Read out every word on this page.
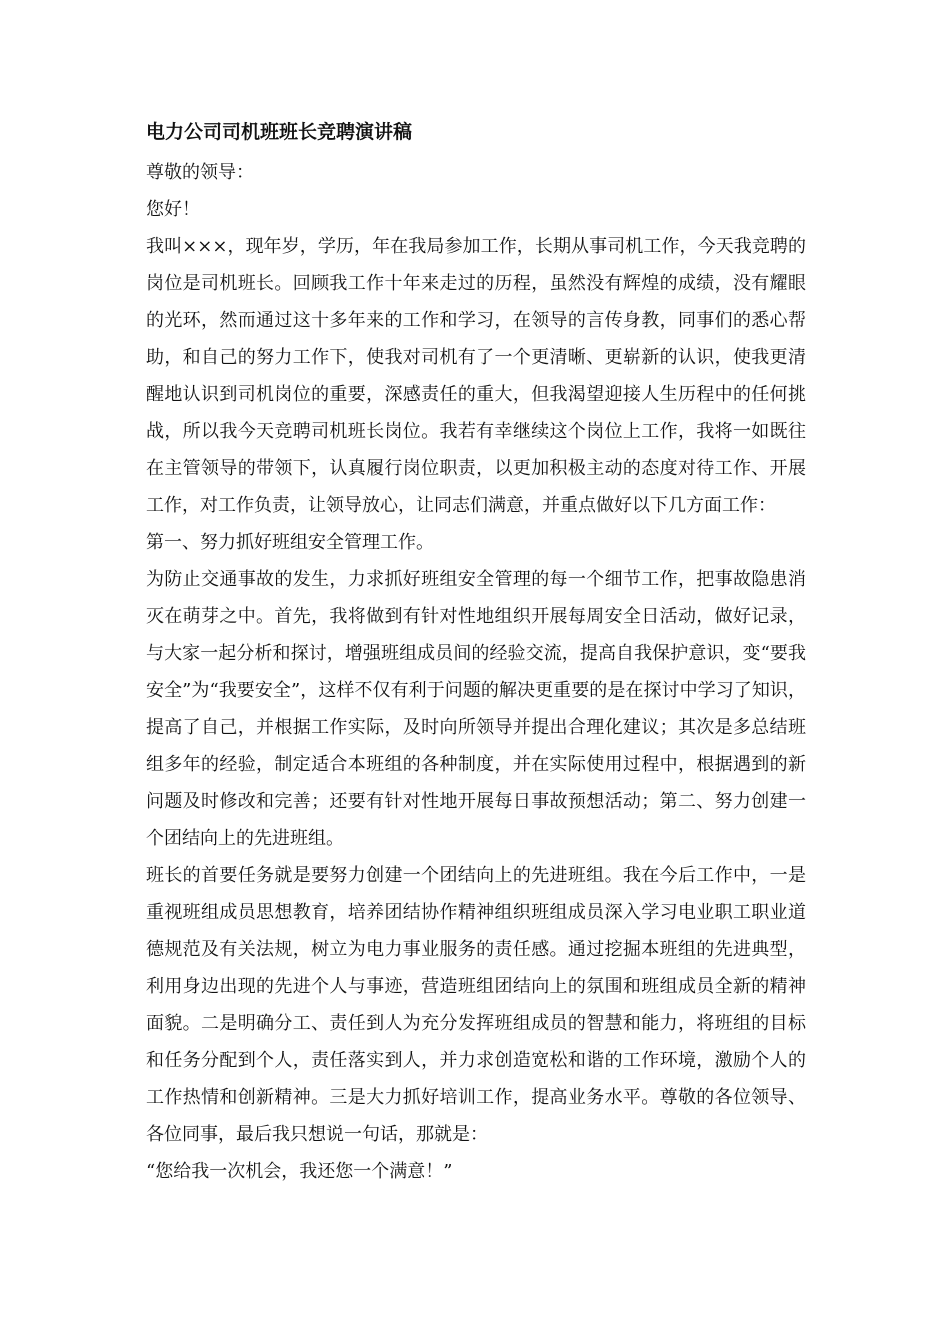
电力公司司机班班长竞聘演讲稿

尊敬的领导：

您好！

我叫×××，现年岁，学历，年在我局参加工作，长期从事司机工作，今天我竞聘的岗位是司机班长。回顾我工作十年来走过的历程，虽然没有辉煌的成绩，没有耀眼的光环，然而通过这十多年来的工作和学习，在领导的言传身教，同事们的悉心帮助，和自己的努力工作下，使我对司机有了一个更清晰、更崭新的认识，使我更清醒地认识到司机岗位的重要，深感责任的重大，但我渴望迎接人生历程中的任何挑战，所以我今天竞聘司机班长岗位。我若有幸继续这个岗位上工作，我将一如既往在主管领导的带领下，认真履行岗位职责，以更加积极主动的态度对待工作、开展工作，对工作负责，让领导放心，让同志们满意，并重点做好以下几方面工作：

第一、努力抓好班组安全管理工作。

为防止交通事故的发生，力求抓好班组安全管理的每一个细节工作，把事故隐患消灭在萌芽之中。首先，我将做到有针对性地组织开展每周安全日活动，做好记录，与大家一起分析和探讨，增强班组成员间的经验交流，提高自我保护意识，变“要我安全”为“我要安全”，这样不仅有利于问题的解决更重要的是在探讨中学习了知识，提高了自己，并根据工作实际，及时向所领导并提出合理化建议；其次是多总结班组多年的经验，制定适合本班组的各种制度，并在实际使用过程中，根据遇到的新问题及时修改和完善；还要有针对性地开展每日事故预想活动；第二、努力创建一个团结向上的先进班组。

班长的首要任务就是要努力创建一个团结向上的先进班组。我在今后工作中，一是重视班组成员思想教育，培养团结协作精神组织班组成员深入学习电业职工职业道德规范及有关法规，树立为电力事业服务的责任感。通过挖掘本班组的先进典型，利用身边出现的先进个人与事迹，营造班组团结向上的氛围和班组成员全新的精神面貌。二是明确分工、责任到人为充分发挥班组成员的智慧和能力，将班组的目标和任务分配到个人，责任落实到人，并力求创造宽松和谐的工作环境，激励个人的工作热情和创新精神。三是大力抓好培训工作，提高业务水平。尊敬的各位领导、各位同事，最后我只想说一句话，那就是：

“您给我一次机会，我还您一个满意！”
